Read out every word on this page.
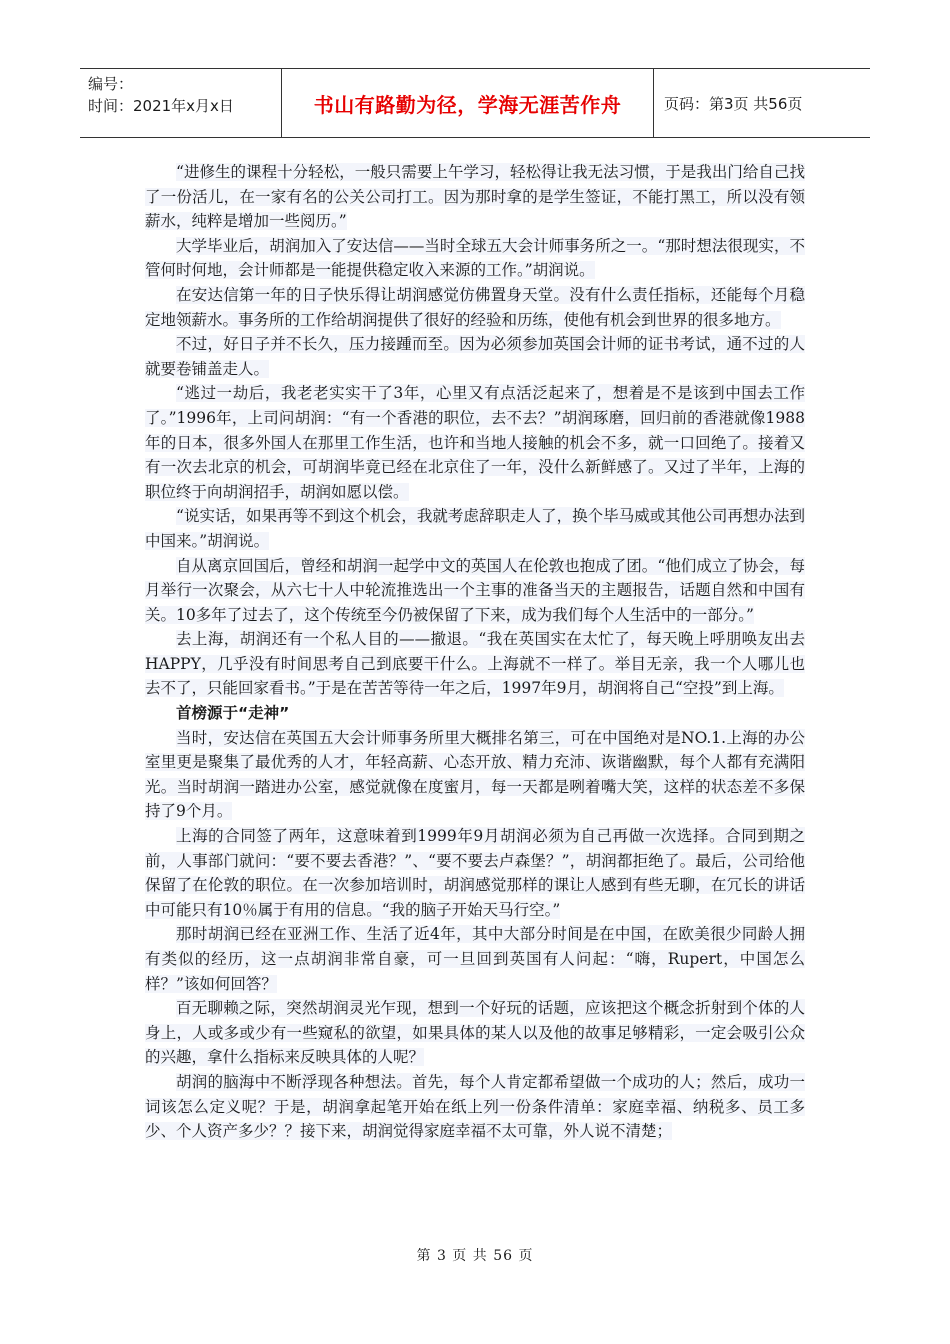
编号：
时间：2021年x月x日	书山有路勤为径，学海无涯苦作舟	页码：第3页 共56页

“进修生的课程十分轻松，一般只需要上午学习，轻松得让我无法习惯，于是我出门给自己找了一份活儿，在一家有名的公关公司打工。因为那时拿的是学生签证，不能打黑工，所以没有领薪水，纯粹是增加一些阅历。”

大学毕业后，胡润加入了安达信——当时全球五大会计师事务所之一。“那时想法很现实，不管何时何地，会计师都是一能提供稳定收入来源的工作。”胡润说。

在安达信第一年的日子快乐得让胡润感觉仿佛置身天堂。没有什么责任指标，还能每个月稳定地领薪水。事务所的工作给胡润提供了很好的经验和历练，使他有机会到世界的很多地方。

不过，好日子并不长久，压力接踵而至。因为必须参加英国会计师的证书考试，通不过的人就要卷铺盖走人。

“逃过一劫后，我老老实实干了3年，心里又有点活泛起来了，想着是不是该到中国去工作了。”1996年，上司问胡润：“有一个香港的职位，去不去？”胡润琢磨，回归前的香港就像1988年的日本，很多外国人在那里工作生活，也许和当地人接触的机会不多，就一口回绝了。接着又有一次去北京的机会，可胡润毕竟已经在北京住了一年，没什么新鲜感了。又过了半年，上海的职位终于向胡润招手，胡润如愿以偿。

“说实话，如果再等不到这个机会，我就考虑辞职走人了，换个毕马威或其他公司再想办法到中国来。”胡润说。

自从离京回国后，曾经和胡润一起学中文的英国人在伦敦也抱成了团。“他们成立了协会，每月举行一次聚会，从六七十人中轮流推选出一个主事的准备当天的主题报告，话题自然和中国有关。10多年了过去了，这个传统至今仍被保留了下来，成为我们每个人生活中的一部分。”

去上海，胡润还有一个私人目的——撤退。“我在英国实在太忙了，每天晚上呼朋唤友出去HAPPY，几乎没有时间思考自己到底要干什么。上海就不一样了。举目无亲，我一个人哪儿也去不了，只能回家看书。”于是在苦苦等待一年之后，1997年9月，胡润将自己“空投”到上海。

首榜源于“走神”

当时，安达信在英国五大会计师事务所里大概排名第三，可在中国绝对是NO.1.上海的办公室里更是聚集了最优秀的人才，年轻高薪、心态开放、精力充沛、诙谐幽默，每个人都有充满阳光。当时胡润一踏进办公室，感觉就像在度蜜月，每一天都是咧着嘴大笑，这样的状态差不多保持了9个月。

上海的合同签了两年，这意味着到1999年9月胡润必须为自己再做一次选择。合同到期之前，人事部门就问：“要不要去香港？”、“要不要去卢森堡？”，胡润都拒绝了。最后，公司给他保留了在伦敦的职位。在一次参加培训时，胡润感觉那样的课让人感到有些无聊，在冗长的讲话中可能只有10％属于有用的信息。“我的脑子开始天马行空。”

那时胡润已经在亚洲工作、生活了近4年，其中大部分时间是在中国，在欧美很少同龄人拥有类似的经历，这一点胡润非常自豪，可一旦回到英国有人问起：“嗨，Rupert，中国怎么样？”该如何回答？

百无聊赖之际，突然胡润灵光乍现，想到一个好玩的话题，应该把这个概念折射到个体的人身上，人或多或少有一些窥私的欲望，如果具体的某人以及他的故事足够精彩，一定会吸引公众的兴趣，拿什么指标来反映具体的人呢？

胡润的脑海中不断浮现各种想法。首先，每个人肯定都希望做一个成功的人；然后，成功一词该怎么定义呢？于是，胡润拿起笔开始在纸上列一份条件清单：家庭幸福、纳税多、员工多少、个人资产多少？？接下来，胡润觉得家庭幸福不太可靠，外人说不清楚；

第 3 页 共 56 页
